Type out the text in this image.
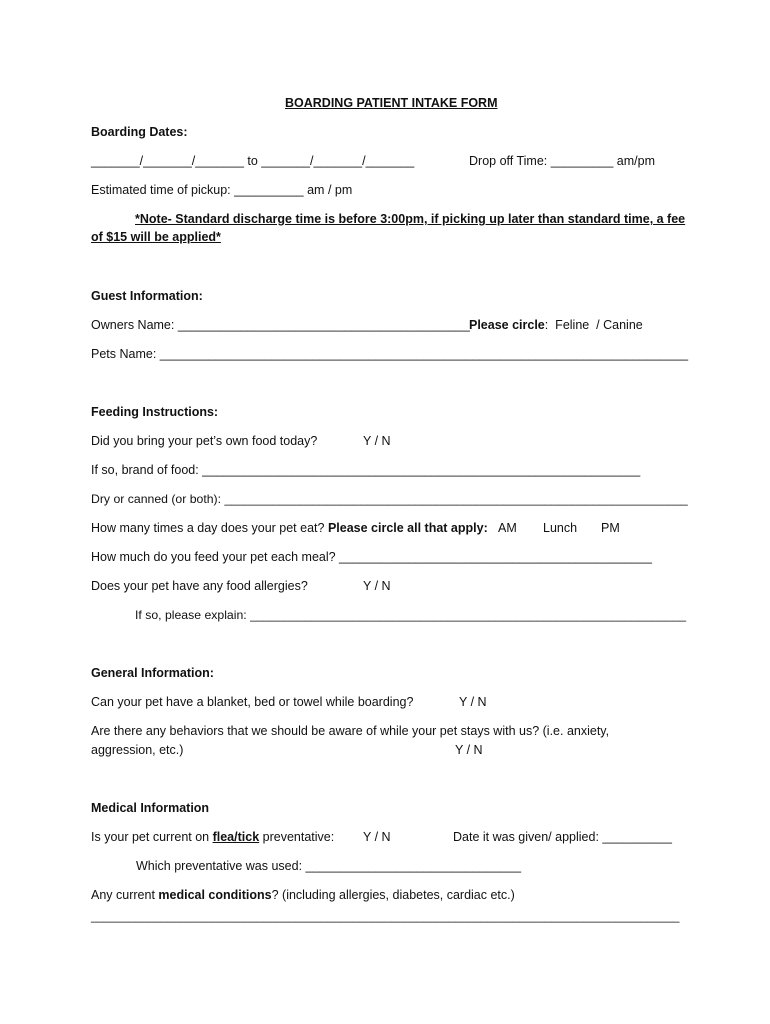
BOARDING PATIENT INTAKE FORM
Boarding Dates:
_______/_______/_______ to _______/_______/_______	Drop off Time: _________ am/pm
Estimated time of pickup: __________ am / pm
*Note- Standard discharge time is before 3:00pm, if picking up later than standard time, a fee
of $15 will be applied*
Guest Information:
Owners Name: __________________________________________ Please circle:  Feline  / Canine
Pets Name: ____________________________________________________________________________
Feeding Instructions:
Did you bring your pet’s own food today?	Y / N
If so, brand of food: _______________________________________________________________
Dry or canned (or both): ____________________________________________________________________
How many times a day does your pet eat? Please circle all that apply: AM Lunch PM
How much do you feed your pet each meal? _____________________________________________
Does your pet have any food allergies?	Y / N
If so, please explain: ________________________________________________________________
General Information:
Can your pet have a blanket, bed or towel while boarding?	Y / N
Are there any behaviors that we should be aware of while your pet stays with us? (i.e. anxiety,
aggression, etc.)	Y / N
Medical Information
Is your pet current on flea/tick preventative: Y / N	Date it was given/ applied: __________
Which preventative was used: _______________________________
Any current medical conditions? (including allergies, diabetes, cardiac etc.)
____________________________________________________________________________________________
